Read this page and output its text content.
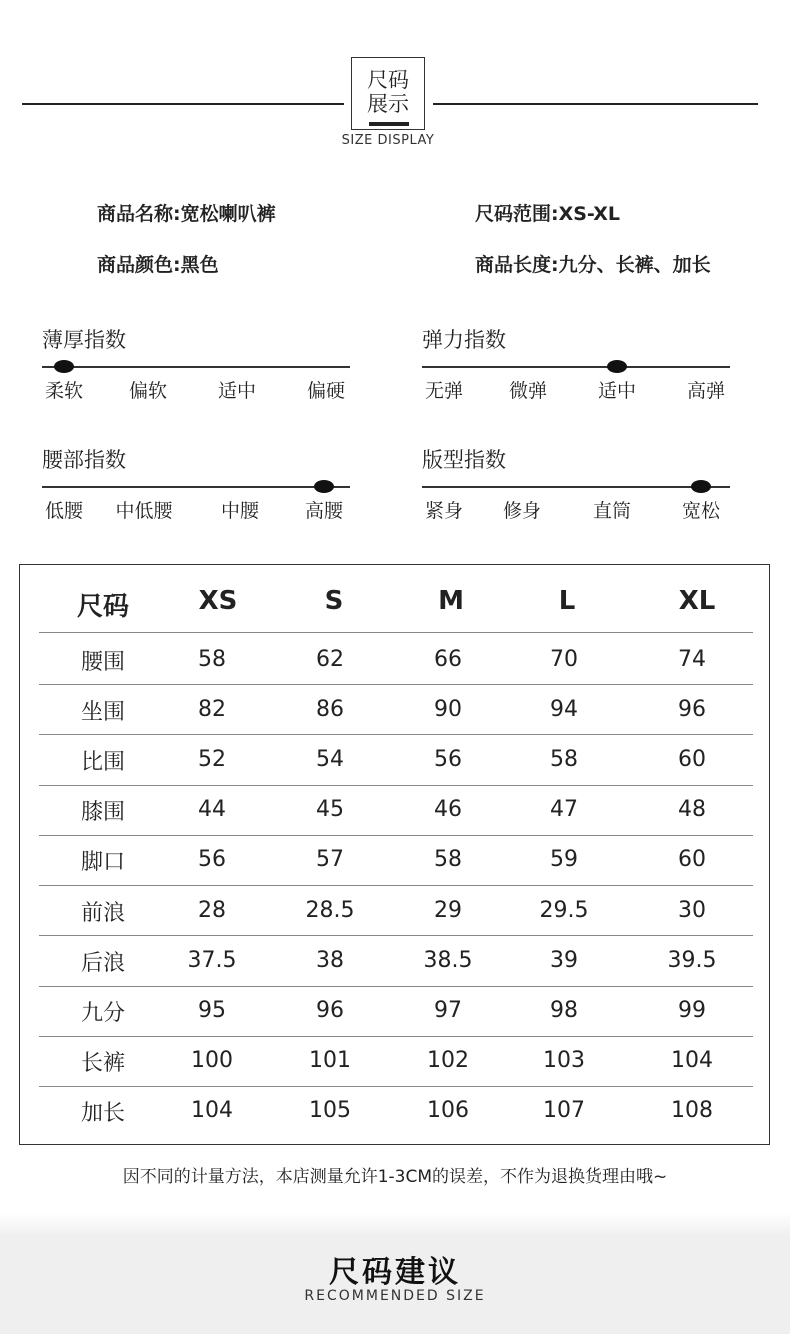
尺码
展示
SIZE DISPLAY
商品名称:宽松喇叭裤	尺码范围:XS-XL
商品颜色:黑色	商品长度:九分、长裤、加长
薄厚指数
柔软 偏软	适中	偏硬
弹力指数
无弹 微弹	适中	高弹
腰部指数
低腰 中低腰	中腰 高腰
版型指数
紧身 修身	直筒	宽松
尺码	XS	S	M	L	XL
腰围	58	62	66	70	74
坐围	82	86	90	94	96
比围	52	54	56	58	60
膝围	44	45	46	47	48
脚口	56	57	58	59	60
前浪	28	28.5	29	29.5	30
后浪	37.5	38	38.5	39	39.5
九分	95	96	97	98	99
长裤	100	101	102	103	104
加长	104	105	106	107	108
因不同的计量方法，本店测量允许1-3CM的误差，不作为退换货理由哦~
尺码建议
RECOMMENDED SIZE
